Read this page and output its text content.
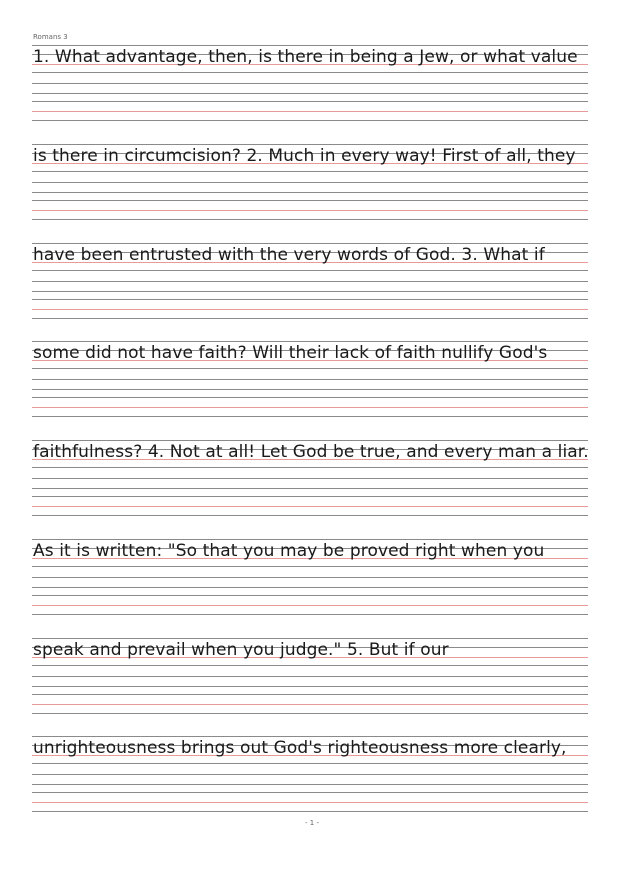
Romans 3
1. What advantage, then, is there in being a Jew, or what value
is there in circumcision? 2. Much in every way! First of all, they
have been entrusted with the very words of God. 3. What if
some did not have faith? Will their lack of faith nullify God's
faithfulness? 4. Not at all! Let God be true, and every man a liar.
As it is written: "So that you may be proved right when you
speak and prevail when you judge." 5. But if our
unrighteousness brings out God's righteousness more clearly,
- 1 -
